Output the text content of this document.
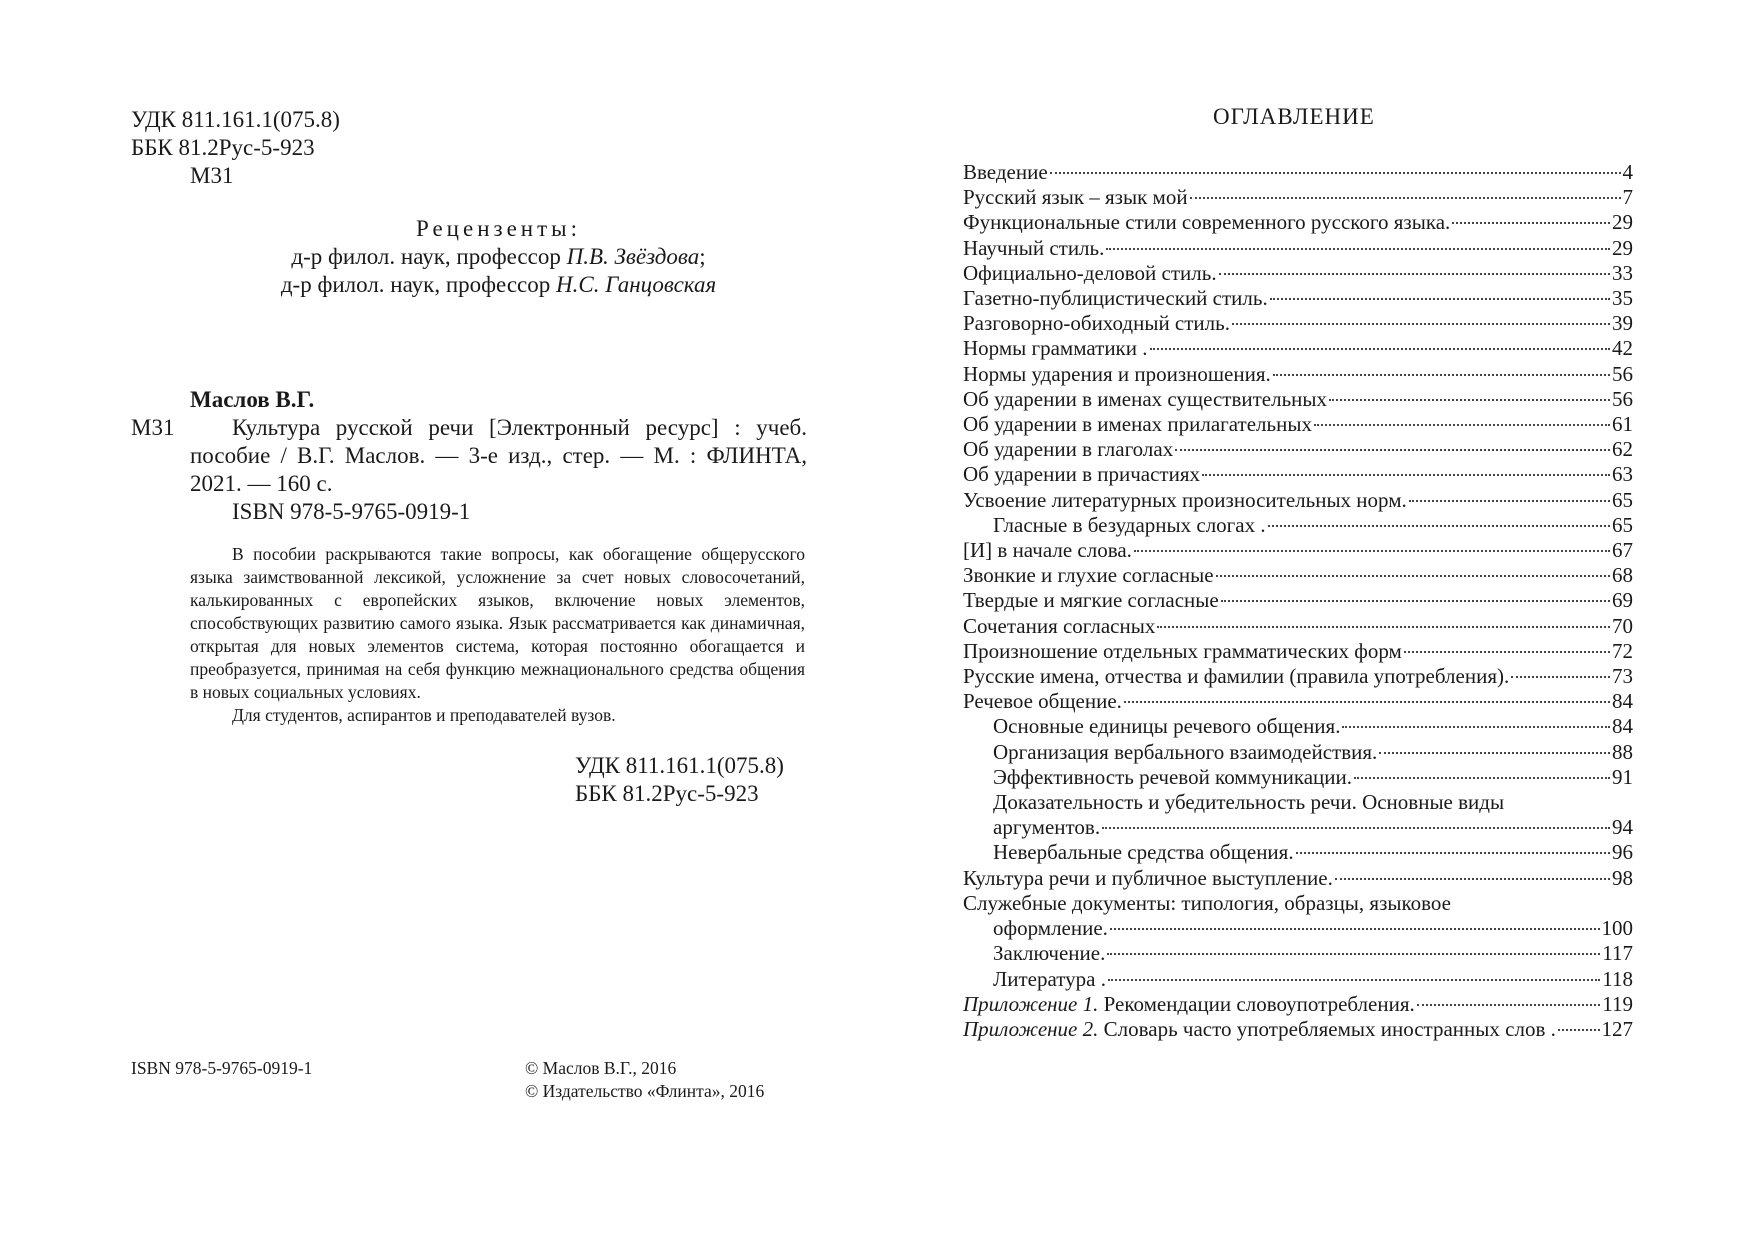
УДК 811.161.1(075.8)
ББК 81.2Рус-5-923
М31
Рецензенты:
д-р филол. наук, профессор П.В. Звёздова;
д-р филол. наук, профессор Н.С. Ганцовская
Маслов В.Г.
М31	Культура русской речи [Электронный ресурс] : учеб. пособие / В.Г. Маслов. — 3-е изд., стер. — М. : ФЛИНТА, 2021. — 160 с.

ISBN 978-5-9765-0919-1

В пособии раскрываются такие вопросы, как обогащение общерусского языка заимствованной лексикой, усложнение за счет новых словосочетаний, калькированных с европейских языков, включение новых элементов, способствующих развитию самого языка. Язык рассматривается как динамичная, открытая для новых элементов система, которая постоянно обогащается и преобразуется, принимая на себя функцию межнационального средства общения в новых социальных условиях.

Для студентов, аспирантов и преподавателей вузов.

УДК 811.161.1(075.8)
ББК 81.2Рус-5-923
ISBN 978-5-9765-0919-1	© Маслов В.Г., 2016
© Издательство «Флинта», 2016
ОГЛАВЛЕНИЕ
Введение	4
Русский язык – язык мой	7
Функциональные стили современного русского языка.	29
Научный стиль.	29
Официально-деловой стиль.	33
Газетно-публицистический стиль.	35
Разговорно-обиходный стиль.	39
Нормы грамматики .	42
Нормы ударения и произношения.	56
Об ударении в именах существительных	56
Об ударении в именах прилагательных	61
Об ударении в глаголах	62
Об ударении в причастиях	63
Усвоение литературных произносительных норм.	65
Гласные в безударных слогах .	65
[И] в начале слова.	67
Звонкие и глухие согласные	68
Твердые и мягкие согласные	69
Сочетания согласных	70
Произношение отдельных грамматических форм	72
Русские имена, отчества и фамилии (правила употребления).	73
Речевое общение.	84
Основные единицы речевого общения.	84
Организация вербального взаимодействия.	88
Эффективность речевой коммуникации.	91
Доказательность и убедительность речи. Основные виды
аргументов.	94
Невербальные средства общения.	96
Культура речи и публичное выступление.	98
Служебные документы: типология, образцы, языковое
оформление.	100
Заключение.	117
Литература .	118
Приложение 1. Рекомендации словоупотребления.	119
Приложение 2. Словарь часто употребляемых иностранных слов . 127
